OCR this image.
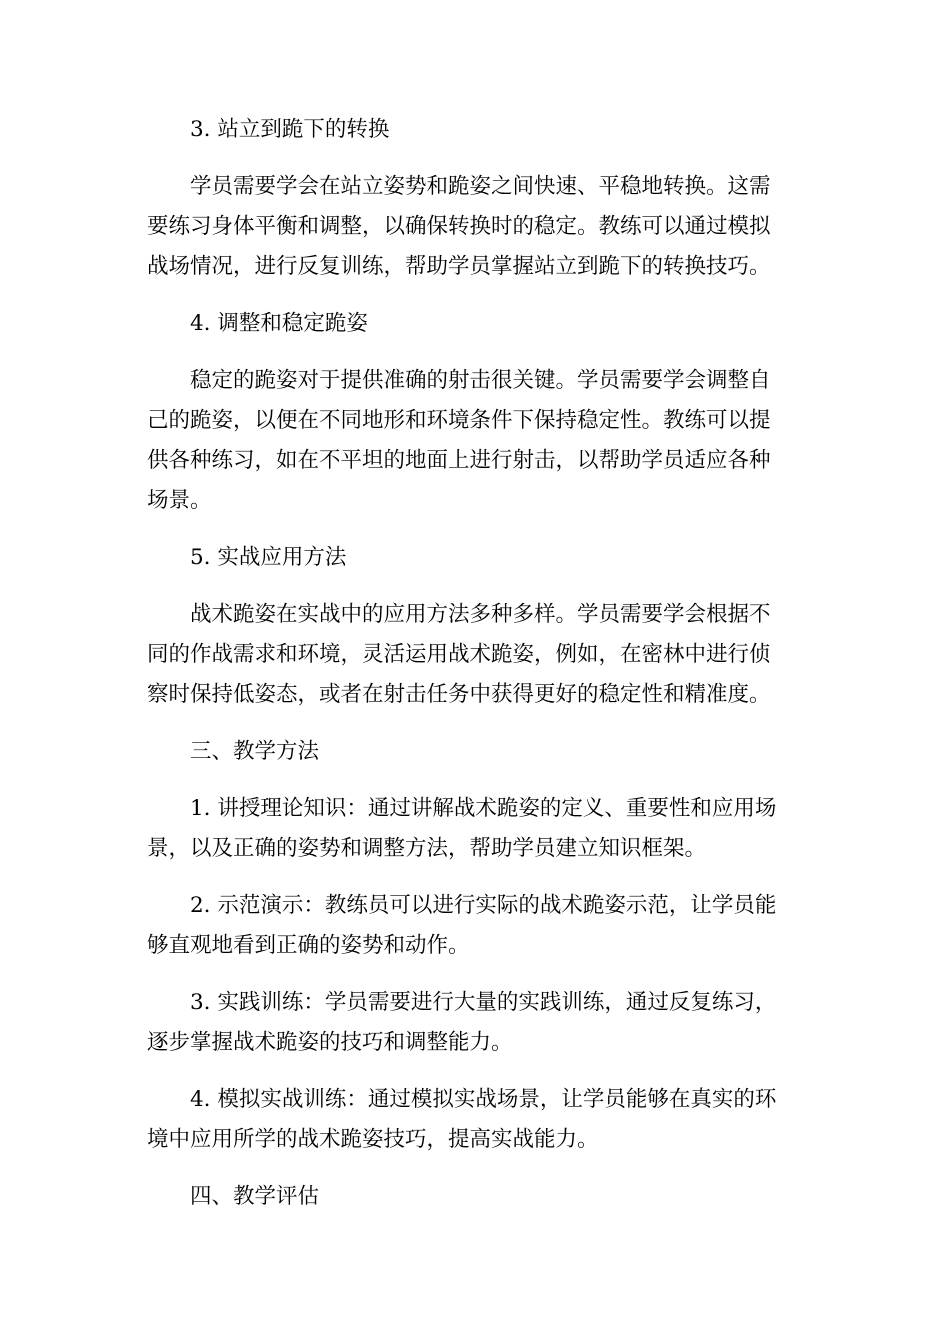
3. 站立到跪下的转换

学员需要学会在站立姿势和跪姿之间快速、平稳地转换。这需

要练习身体平衡和调整，以确保转换时的稳定。教练可以通过模拟

战场情况，进行反复训练，帮助学员掌握站立到跪下的转换技巧。

4. 调整和稳定跪姿

稳定的跪姿对于提供准确的射击很关键。学员需要学会调整自

己的跪姿，以便在不同地形和环境条件下保持稳定性。教练可以提

供各种练习，如在不平坦的地面上进行射击，以帮助学员适应各种

场景。

5. 实战应用方法

战术跪姿在实战中的应用方法多种多样。学员需要学会根据不

同的作战需求和环境，灵活运用战术跪姿，例如，在密林中进行侦

察时保持低姿态，或者在射击任务中获得更好的稳定性和精准度。

三、教学方法

1. 讲授理论知识：通过讲解战术跪姿的定义、重要性和应用场

景，以及正确的姿势和调整方法，帮助学员建立知识框架。

2. 示范演示：教练员可以进行实际的战术跪姿示范，让学员能

够直观地看到正确的姿势和动作。

3. 实践训练：学员需要进行大量的实践训练，通过反复练习，

逐步掌握战术跪姿的技巧和调整能力。

4. 模拟实战训练：通过模拟实战场景，让学员能够在真实的环

境中应用所学的战术跪姿技巧，提高实战能力。

四、教学评估
